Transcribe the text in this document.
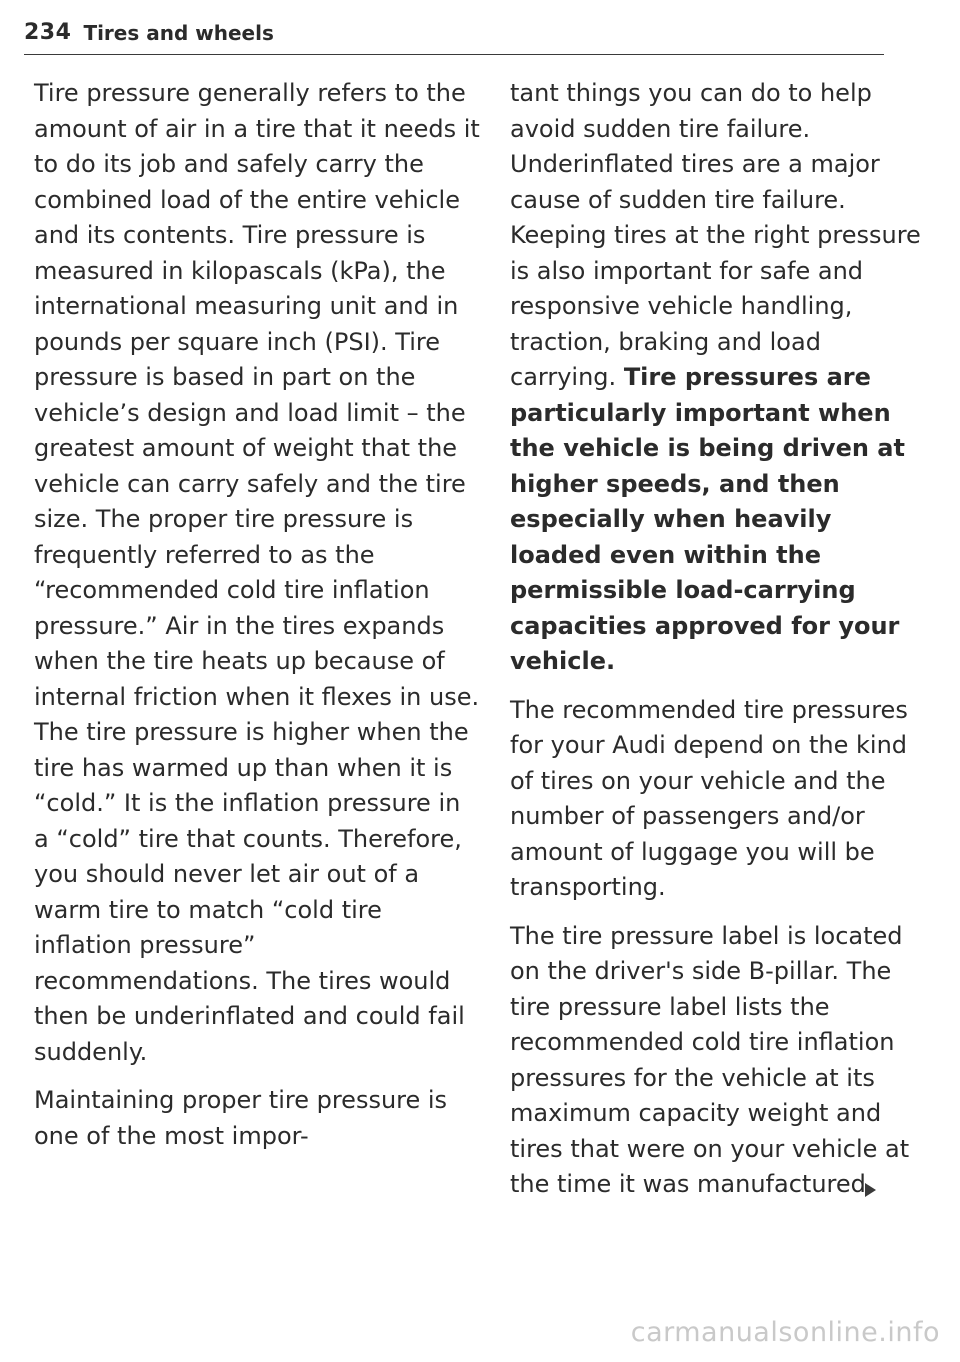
234 Tires and wheels

Tire pressure generally refers to the amount of air in a tire that it needs it to do its job and safely carry the combined load of the entire vehicle and its contents. Tire pressure is measured in kilopascals (kPa), the international measuring unit and in pounds per square inch (PSI). Tire pressure is based in part on the vehicle’s design and load limit – the greatest amount of weight that the vehicle can carry safely and the tire size. The proper tire pressure is frequently referred to as the “recommended cold tire inflation pressure.” Air in the tires expands when the tire heats up because of internal friction when it flexes in use. The tire pressure is higher when the tire has warmed up than when it is “cold.” It is the inflation pressure in a “cold” tire that counts. Therefore, you should never let air out of a warm tire to match “cold tire inflation pressure” recommendations. The tires would then be underinflated and could fail suddenly.

Maintaining proper tire pressure is one of the most impor-

tant things you can do to help avoid sudden tire failure. Underinflated tires are a major cause of sudden tire failure. Keeping tires at the right pressure is also important for safe and responsive vehicle handling, traction, braking and load carrying. Tire pressures are particularly important when the vehicle is being driven at higher speeds, and then especially when heavily loaded even within the permissible load-carrying capacities approved for your vehicle.

The recommended tire pressures for your Audi depend on the kind of tires on your vehicle and the number of passengers and/or amount of luggage you will be transporting.

The tire pressure label is located on the driver's side B-pillar. The tire pressure label lists the recommended cold tire inflation pressures for the vehicle at its maximum capacity weight and tires that were on your vehicle at the time it was manufactured.

carmanualsonline.info
